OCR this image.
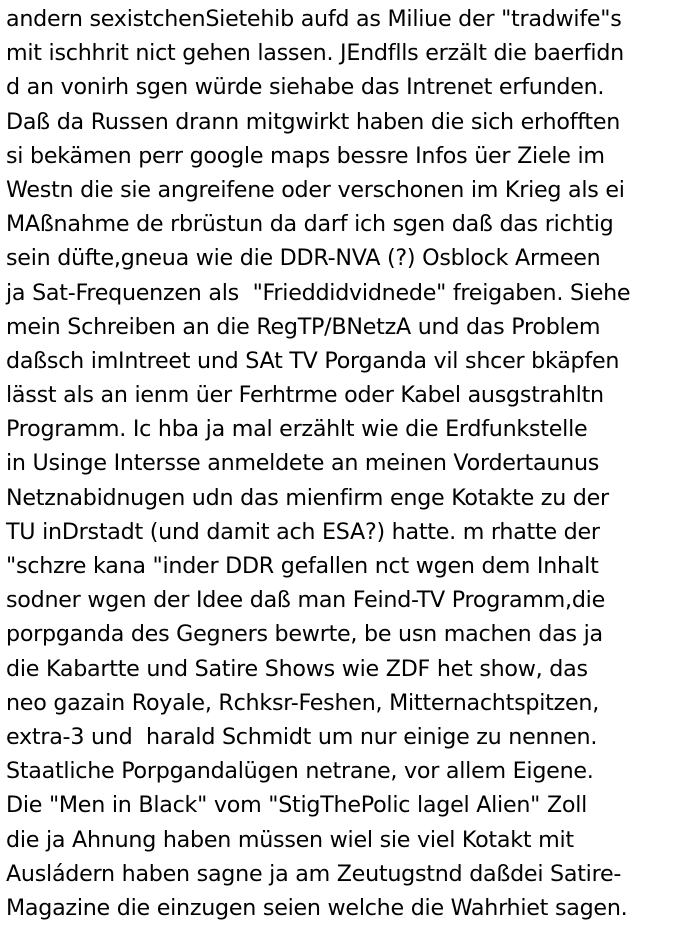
andern sexistchenSietehib aufd as Miliue der "tradwife"s
mit ischhrit nict gehen lassen. JEndflls erzält die baerfidn
d an vonirh sgen würde siehabe das Intrenet erfunden.
Daß da Russen drann mitgwirkt haben die sich erhofften
si bekämen perr google maps bessre Infos üer Ziele im
Westn die sie angreifene oder verschonen im Krieg als ei
MAßnahme de rbrüstun da darf ich sgen daß das richtig
sein düfte,gneua wie die DDR-NVA (?) Osblock Armeen
ja Sat-Frequenzen als  "Frieddidvidnede" freigaben. Siehe
mein Schreiben an die RegTP/BNetzA und das Problem
daßsch imIntreet und SAt TV Porganda vil shcer bkäpfen
lässt als an ienm üer Ferhtrme oder Kabel ausgstrahltn
Programm. Ic hba ja mal erzählt wie die Erdfunkstelle
in Usinge Intersse anmeldete an meinen Vordertaunus
Netznabidnugen udn das mienfirm enge Kotakte zu der
TU inDrstadt (und damit ach ESA?) hatte. m rhatte der
"schzre kana "inder DDR gefallen nct wgen dem Inhalt
sodner wgen der Idee daß man Feind-TV Programm,die
porpganda des Gegners bewrte, be usn machen das ja
die Kabartte und Satire Shows wie ZDF het show, das
neo gazain Royale, Rchksr-Feshen, Mitternachtspitzen,
extra-3 und  harald Schmidt um nur einige zu nennen.
Staatliche Porpgandalügen netrane, vor allem Eigene.
Die "Men in Black" vom "StigThePolic lagel Alien" Zoll
die ja Ahnung haben müssen wiel sie viel Kotakt mit
Ausládern haben sagne ja am Zeutugstnd daßdei Satire-
Magazine die einzugen seien welche die Wahrhiet sagen.
